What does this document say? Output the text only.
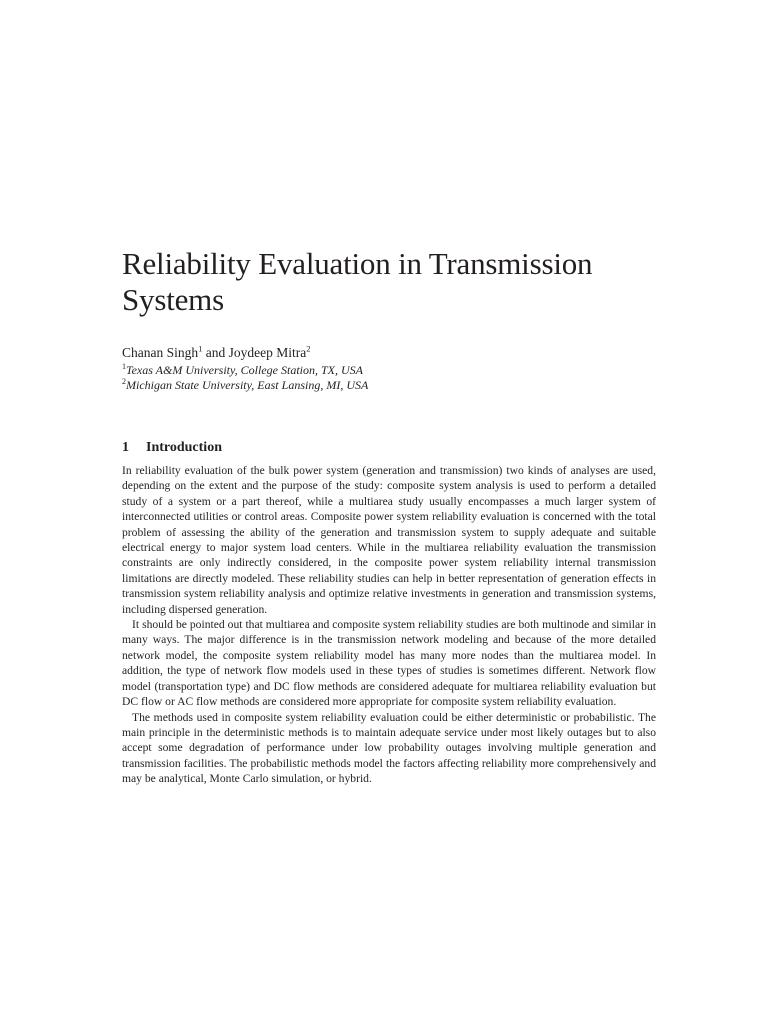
Reliability Evaluation in Transmission Systems
Chanan Singh$^1$ and Joydeep Mitra$^2$
$^1$Texas A&M University, College Station, TX, USA
$^2$Michigan State University, East Lansing, MI, USA
1 Introduction

In reliability evaluation of the bulk power system (generation and transmission) two kinds of analyses are used, depending on the extent and the purpose of the study: composite system analysis is used to perform a detailed study of a system or a part thereof, while a multiarea study usually encompasses a much larger system of interconnected utilities or control areas. Composite power system reliability evaluation is concerned with the total problem of assessing the ability of the generation and transmission system to supply adequate and suitable electrical energy to major system load centers. While in the multiarea reliability evaluation the transmission constraints are only indirectly considered, in the composite power system reliability internal transmission limitations are directly modeled. These reliability studies can help in better representation of generation effects in transmission system reliability analysis and optimize relative investments in generation and transmission systems, including dispersed generation.

It should be pointed out that multiarea and composite system reliability studies are both multinode and similar in many ways. The major difference is in the transmission network modeling and because of the more detailed network model, the composite system reliability model has many more nodes than the multiarea model. In addition, the type of network flow models used in these types of studies is sometimes different. Network flow model (transportation type) and DC flow methods are considered adequate for multiarea reliability evaluation but DC flow or AC flow methods are considered more appropriate for composite system reliability evaluation.

The methods used in composite system reliability evaluation could be either deterministic or probabilistic. The main principle in the deterministic methods is to maintain adequate service under most likely outages but to also accept some degradation of performance under low probability outages involving multiple generation and transmission facilities. The probabilistic methods model the factors affecting reliability more comprehensively and may be analytical, Monte Carlo simulation, or hybrid.
